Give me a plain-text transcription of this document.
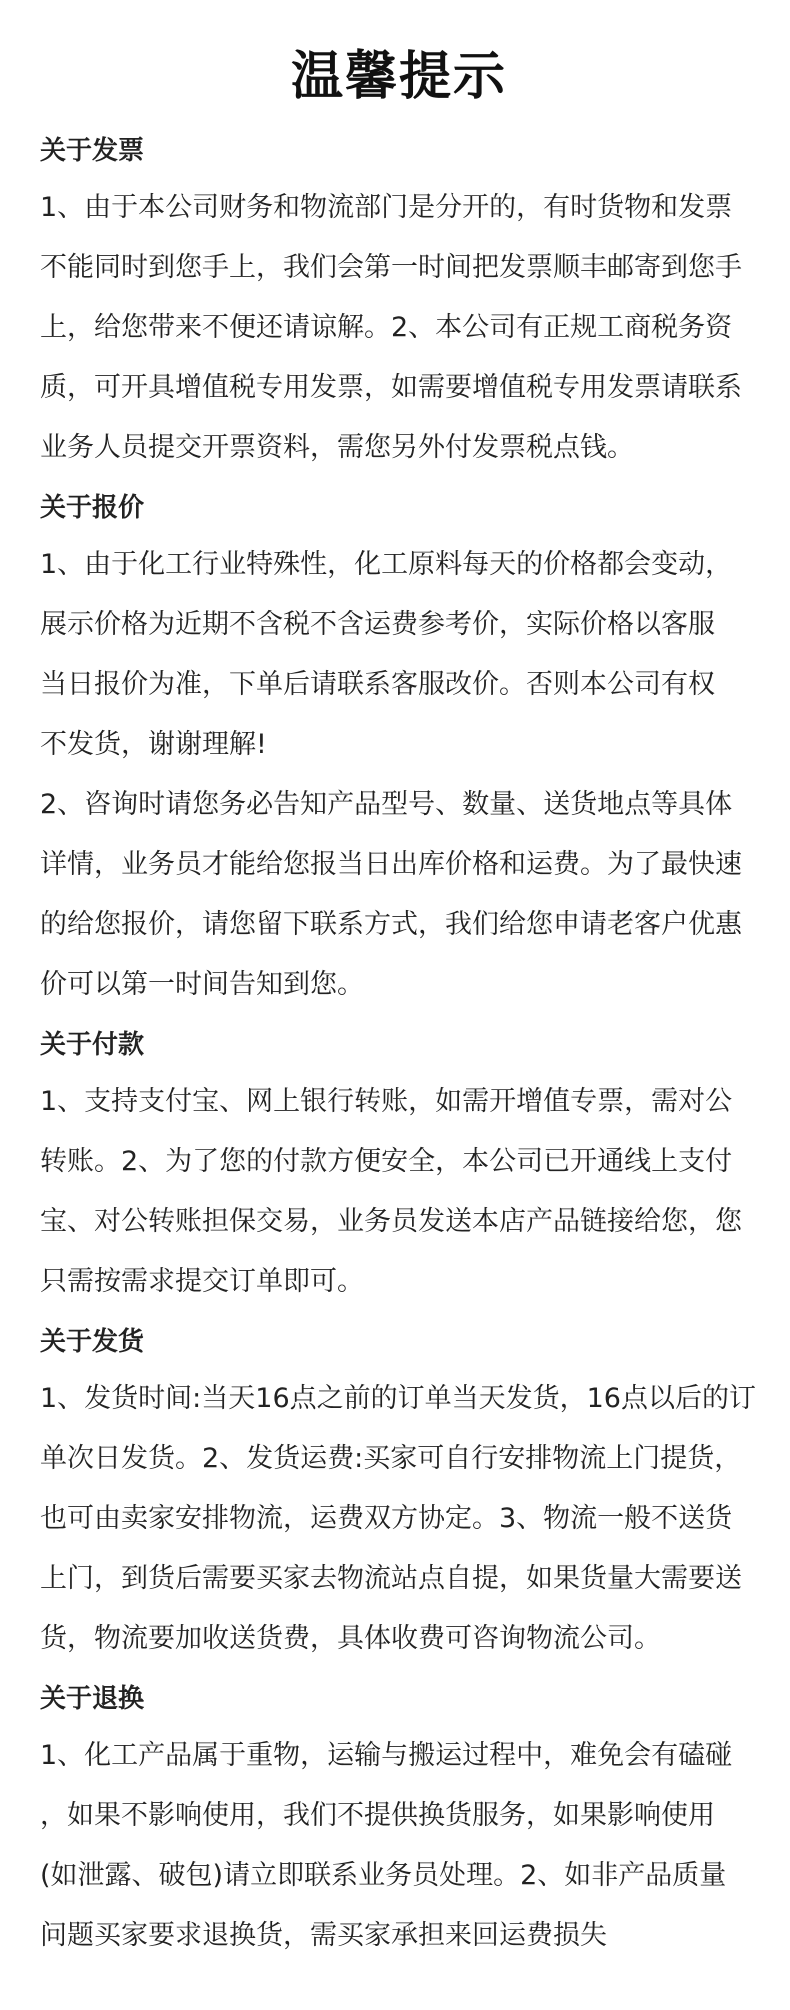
温馨提示
关于发票

1、由于本公司财务和物流部门是分开的，有时货物和发票
不能同时到您手上，我们会第一时间把发票顺丰邮寄到您手
上，给您带来不便还请谅解。2、本公司有正规工商税务资
质，可开具增值税专用发票，如需要增值税专用发票请联系
业务人员提交开票资料，需您另外付发票税点钱。

关于报价

1、由于化工行业特殊性，化工原料每天的价格都会变动，
展示价格为近期不含税不含运费参考价，实际价格以客服
当日报价为准，下单后请联系客服改价。否则本公司有权
不发货，谢谢理解!

2、咨询时请您务必告知产品型号、数量、送货地点等具体
详情，业务员才能给您报当日出库价格和运费。为了最快速
的给您报价，请您留下联系方式，我们给您申请老客户优惠
价可以第一时间告知到您。

关于付款

1、支持支付宝、网上银行转账，如需开增值专票，需对公
转账。2、为了您的付款方便安全，本公司已开通线上支付
宝、对公转账担保交易，业务员发送本店产品链接给您，您
只需按需求提交订单即可。

关于发货

1、发货时间:当天16点之前的订单当天发货，16点以后的订
单次日发货。2、发货运费:买家可自行安排物流上门提货，
也可由卖家安排物流，运费双方协定。3、物流一般不送货
上门，到货后需要买家去物流站点自提，如果货量大需要送
货，物流要加收送货费，具体收费可咨询物流公司。

关于退换

1、化工产品属于重物，运输与搬运过程中，难免会有磕碰
，如果不影响使用，我们不提供换货服务，如果影响使用
(如泄露、破包)请立即联系业务员处理。2、如非产品质量
问题买家要求退换货，需买家承担来回运费损失
